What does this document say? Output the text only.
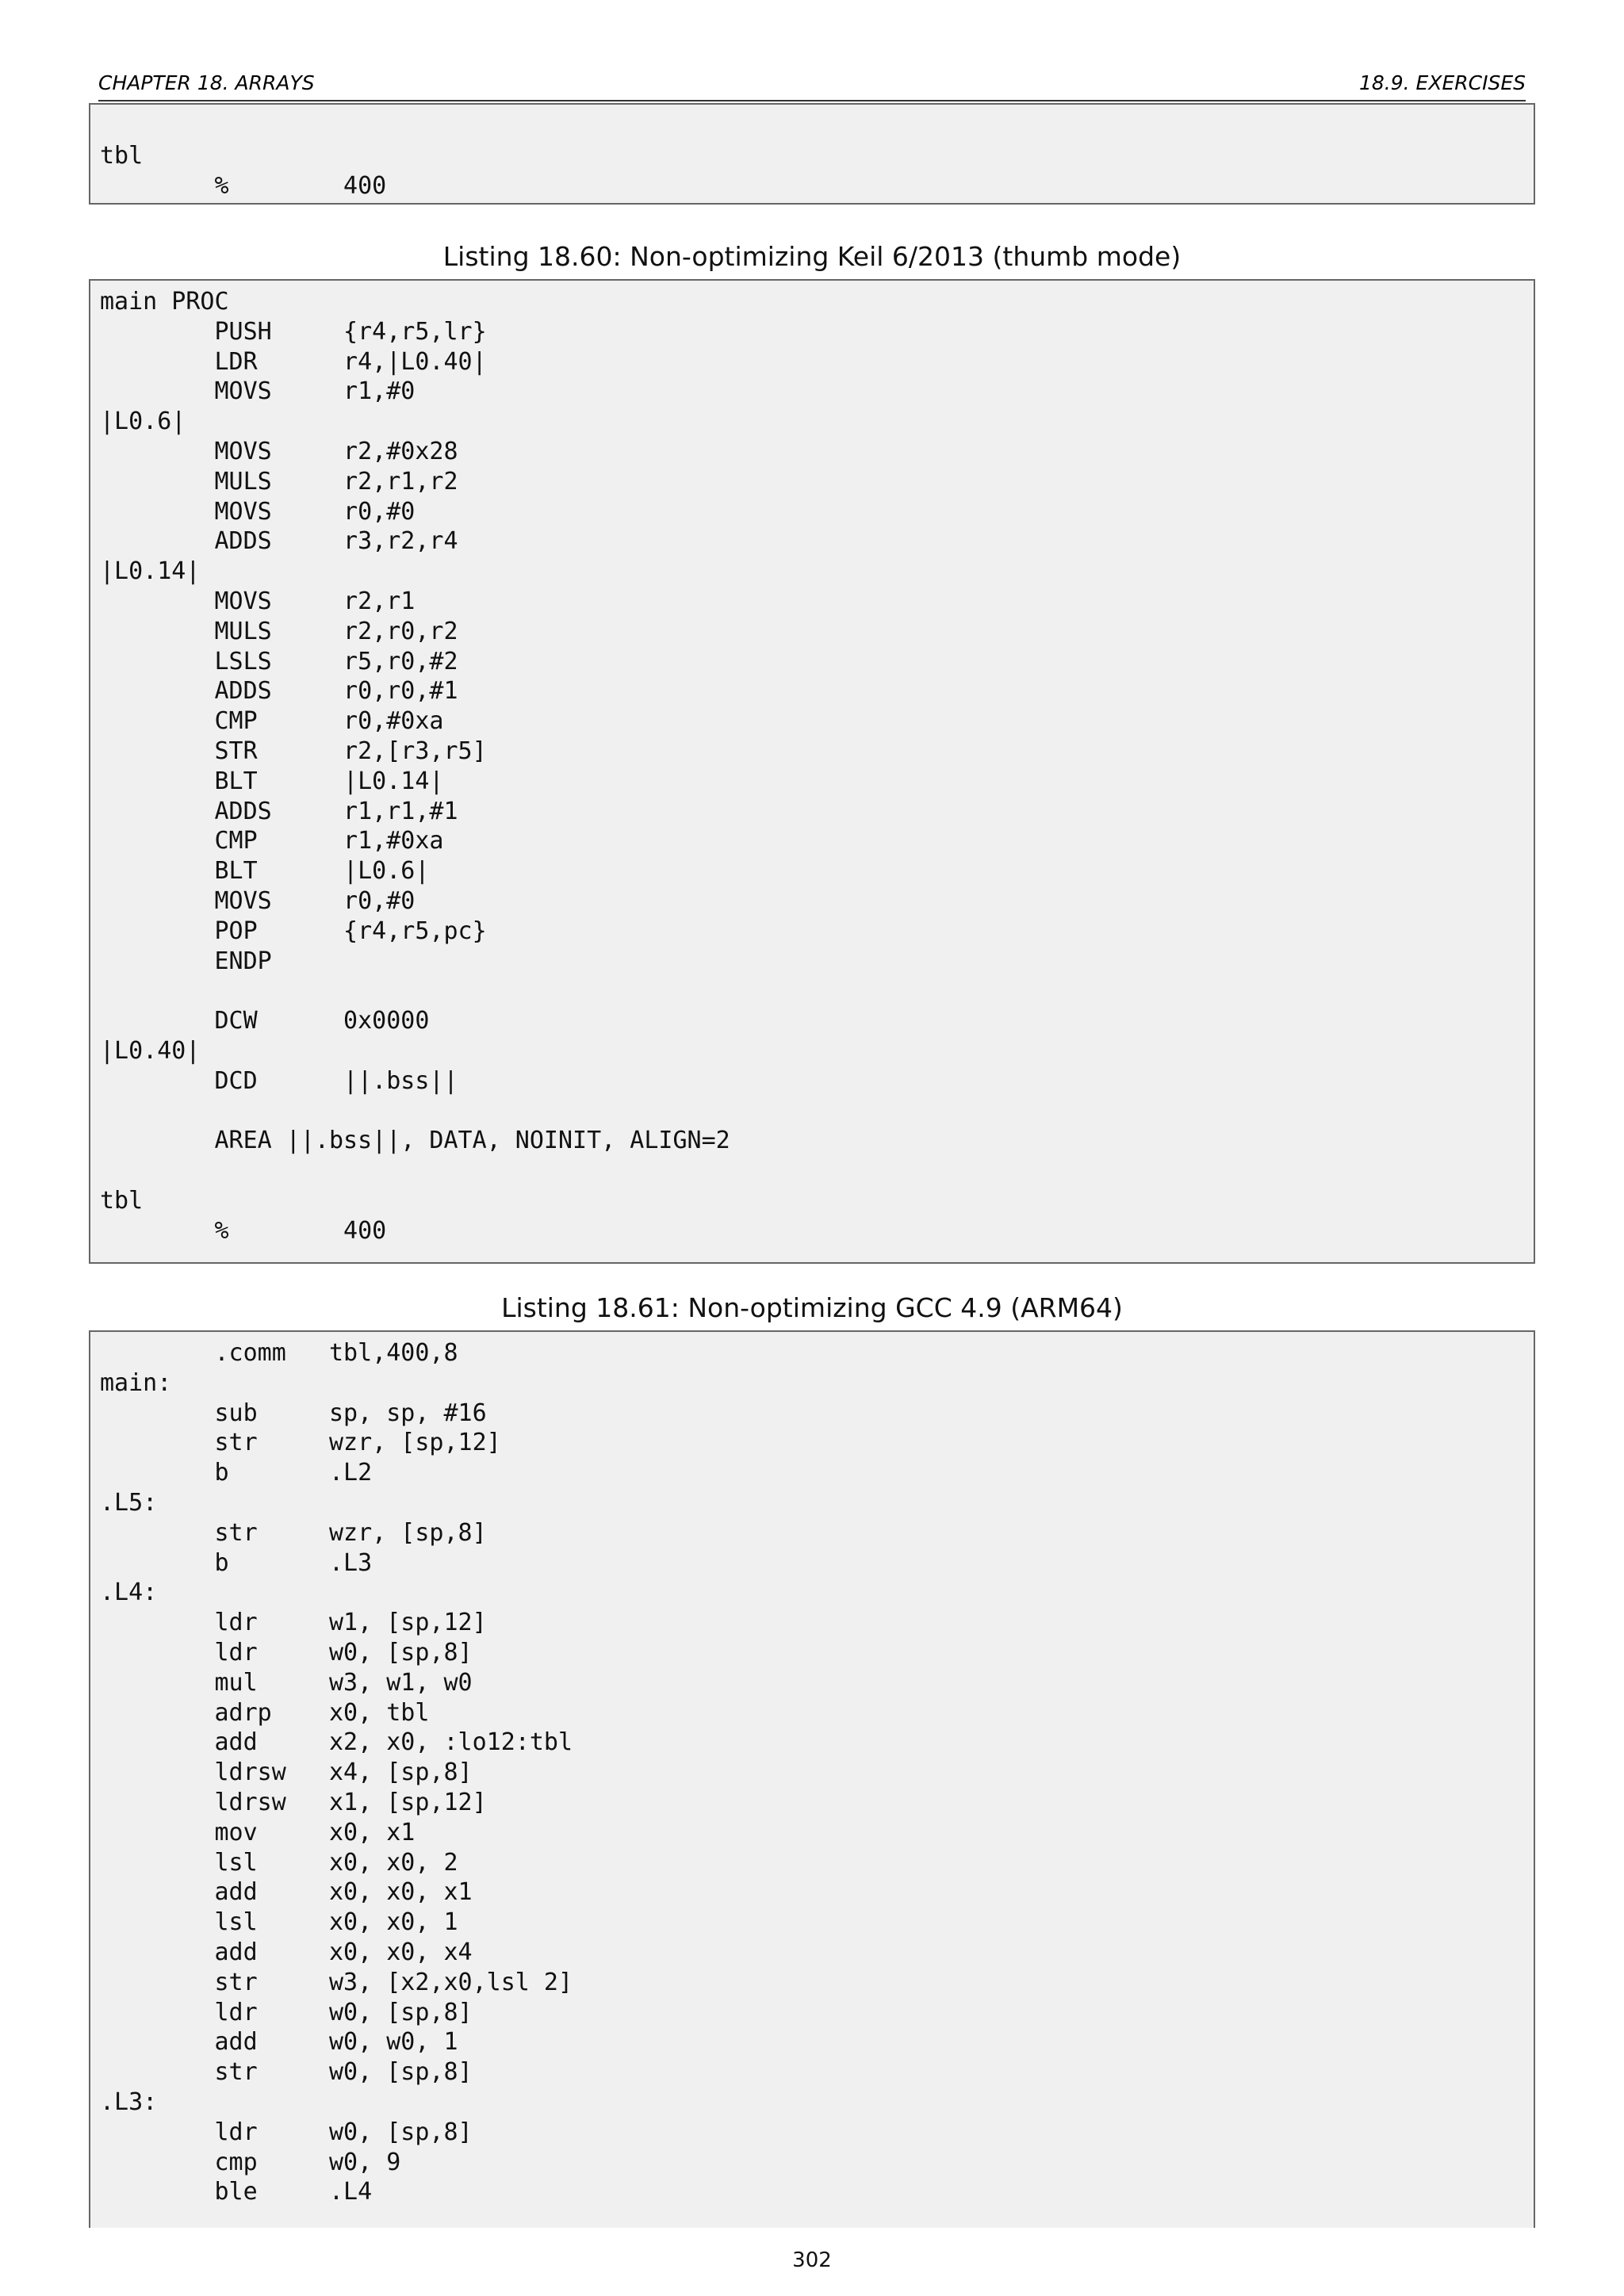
CHAPTER 18. ARRAYS	18.9. EXERCISES
tbl
%        400
Listing 18.60: Non-optimizing Keil 6/2013 (thumb mode)
main PROC
PUSH     {r4,r5,lr}
LDR      r4,|L0.40|
MOVS     r1,#0
|L0.6|
MOVS     r2,#0x28
MULS     r2,r1,r2
MOVS     r0,#0
ADDS     r3,r2,r4
|L0.14|
MOVS     r2,r1
MULS     r2,r0,r2
LSLS     r5,r0,#2
ADDS     r0,r0,#1
CMP      r0,#0xa
STR      r2,[r3,r5]
BLT      |L0.14|
ADDS     r1,r1,#1
CMP      r1,#0xa
BLT      |L0.6|
MOVS     r0,#0
POP      {r4,r5,pc}
ENDP
DCW      0x0000
|L0.40|
DCD      ||.bss||
AREA ||.bss||, DATA, NOINIT, ALIGN=2
tbl
%        400
Listing 18.61: Non-optimizing GCC 4.9 (ARM64)
.comm   tbl,400,8
main:
sub     sp, sp, #16
str     wzr, [sp,12]
b       .L2
.L5:
str     wzr, [sp,8]
b       .L3
.L4:
ldr     w1, [sp,12]
ldr     w0, [sp,8]
mul     w3, w1, w0
adrp    x0, tbl
add     x2, x0, :lo12:tbl
ldrsw   x4, [sp,8]
ldrsw   x1, [sp,12]
mov     x0, x1
lsl     x0, x0, 2
add     x0, x0, x1
lsl     x0, x0, 1
add     x0, x0, x4
str     w3, [x2,x0,lsl 2]
ldr     w0, [sp,8]
add     w0, w0, 1
str     w0, [sp,8]
.L3:
ldr     w0, [sp,8]
cmp     w0, 9
ble     .L4
302
